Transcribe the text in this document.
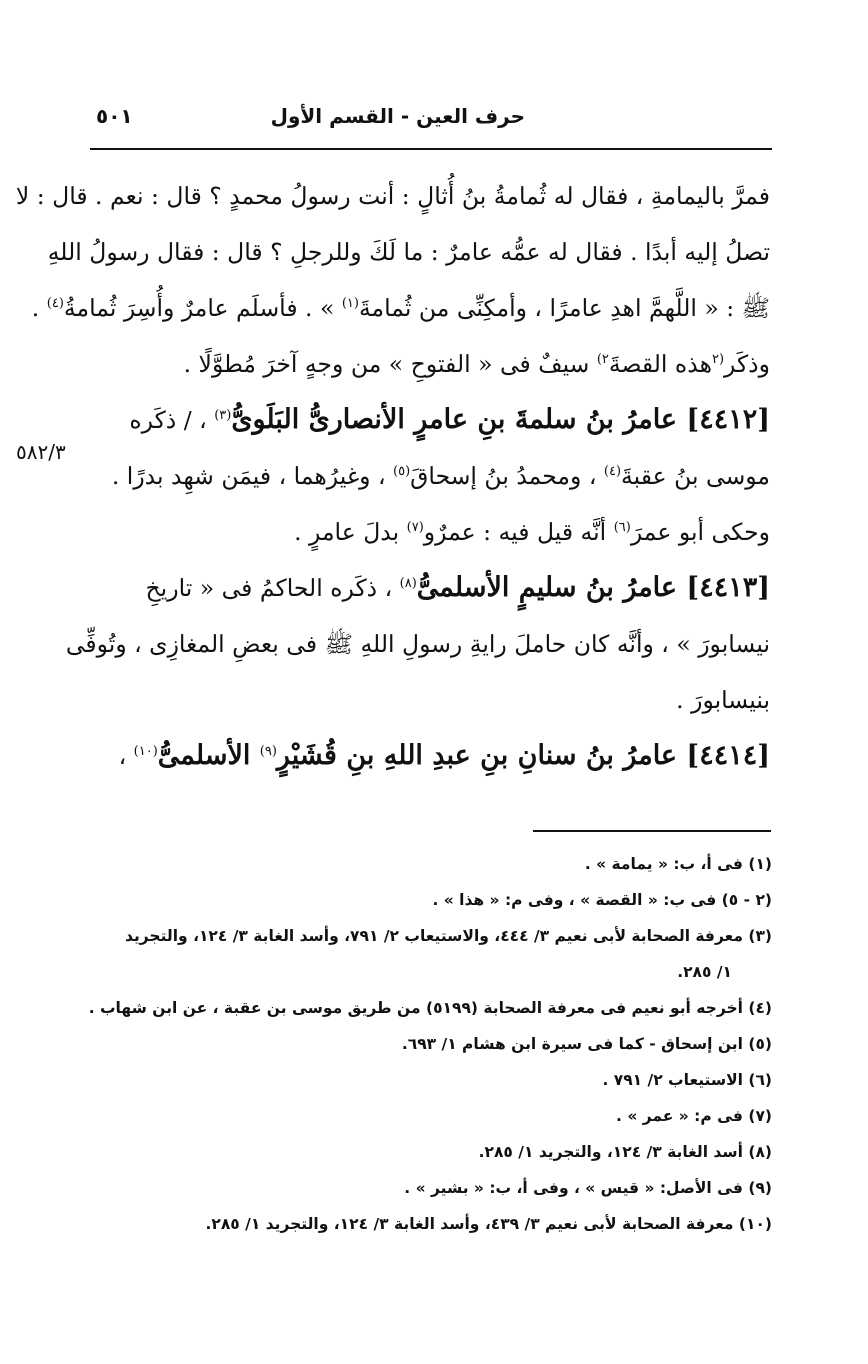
حرف العين - القسم الأول
٥٠١
٥٨٢/٣
فمرَّ باليمامةِ ، فقال له ثُمامةُ بنُ أُثالٍ : أنت رسولُ محمدٍ ؟ قال : نعم . قال : لا
تصلُ إليه أبدًا . فقال له عمُّه عامرٌ : ما لَكَ وللرجلِ ؟ قال : فقال رسولُ اللهِ
ﷺ : « اللَّهمَّ اهدِ عامرًا ، وأمكِنِّى من ثُمامةَ$^{(١)}$ » . فأسلَم عامرٌ وأُسِرَ ثُمامةُ$^{(٤)}$ .
وذكَر$^{(٢}$هذه القصةَ$^{٢)}$ سيفٌ فى « الفتوحِ » من وجهٍ آخرَ مُطوَّلًا .
[٤٤١٢] عامرُ بنُ سلمةَ بنِ عامرٍ الأنصارىُّ البَلَوىُّ$^{(٣)}$ ، / ذكَره
موسى بنُ عقبةَ$^{(٤)}$ ، ومحمدُ بنُ إسحاقَ$^{(٥)}$ ، وغيرُهما ، فيمَن شهِد بدرًا .
وحكى أبو عمرَ$^{(٦)}$ أنَّه قيل فيه : عمرٌو$^{(٧)}$ بدلَ عامرٍ .
[٤٤١٣] عامرُ بنُ سليمٍ الأسلمىُّ$^{(٨)}$ ، ذكَره الحاكمُ فى « تاريخِ
نيسابورَ » ، وأنَّه كان حاملَ رايةِ رسولِ اللهِ ﷺ فى بعضِ المغازِى ، وتُوفِّى
بنيسابورَ .
[٤٤١٤] عامرُ بنُ سنانِ بنِ عبدِ اللهِ بنِ قُشَيْرٍ$^{(٩)}$ الأسلمىُّ$^{(١٠)}$ ،
(١) فى أ، ب: « يمامة » .
(٢ - ٥) فى ب: « القصة » ، وفى م: « هذا » .
(٣) معرفة الصحابة لأبى نعيم ٣/ ٤٤٤، والاستيعاب ٢/ ٧٩١، وأسد الغابة ٣/ ١٢٤، والتجريد
١/ ٢٨٥.
(٤) أخرجه أبو نعيم فى معرفة الصحابة (٥١٩٩) من طريق موسى بن عقبة ، عن ابن شهاب .
(٥) ابن إسحاق - كما فى سيرة ابن هشام ١/ ٦٩٣.
(٦) الاستيعاب ٢/ ٧٩١ .
(٧) فى م: « عمر » .
(٨) أسد الغابة ٣/ ١٢٤، والتجريد ١/ ٢٨٥.
(٩) فى الأصل: « قيس » ، وفى أ، ب: « بشير » .
(١٠) معرفة الصحابة لأبى نعيم ٣/ ٤٣٩، وأسد الغابة ٣/ ١٢٤، والتجريد ١/ ٢٨٥.
